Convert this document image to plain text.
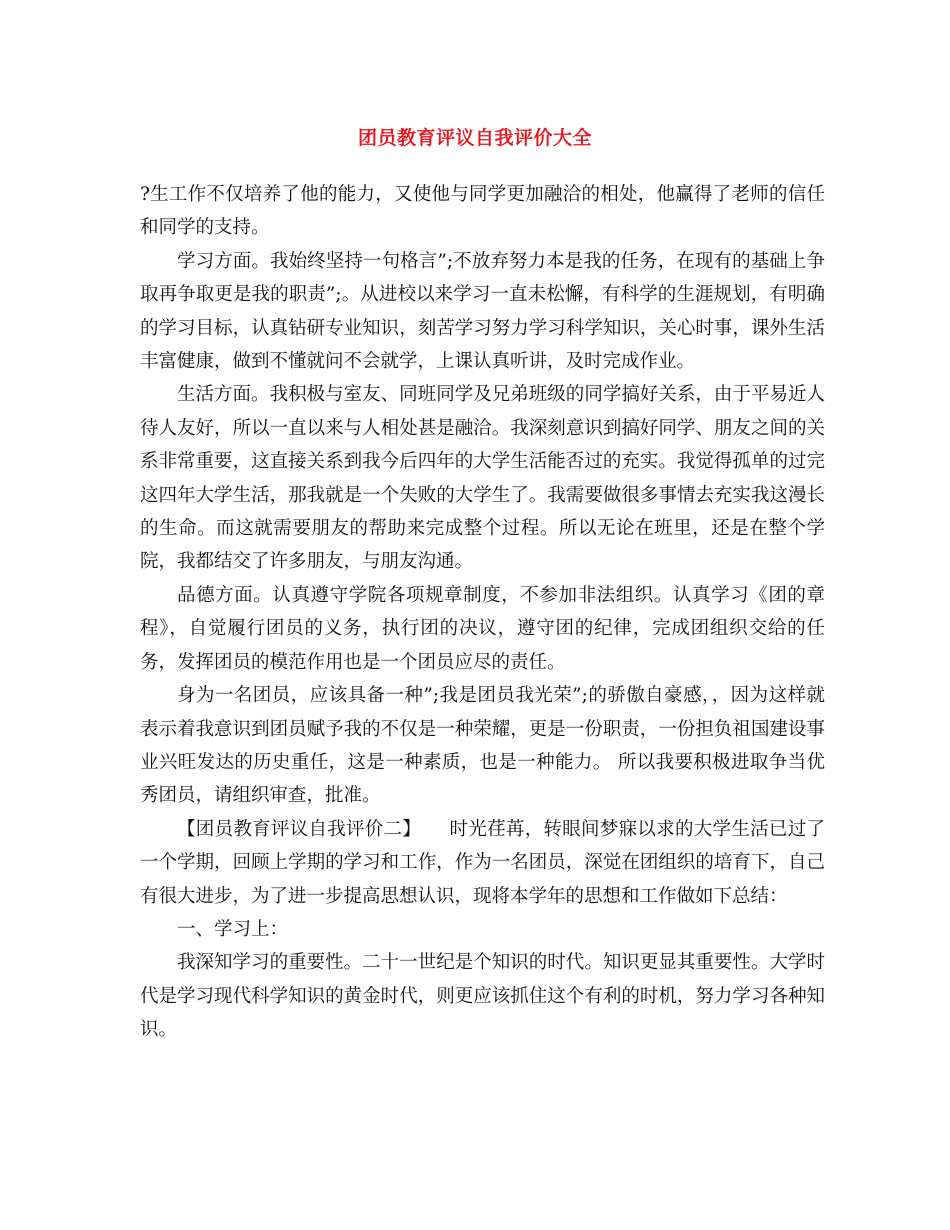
团员教育评议自我评价大全

?生工作不仅培养了他的能力，又使他与同学更加融洽的相处，他赢得了老师的信任和同学的支持。

学习方面。我始终坚持一句格言”;不放弃努力本是我的任务，在现有的基础上争取再争取更是我的职责”;。从进校以来学习一直未松懈，有科学的生涯规划，有明确的学习目标，认真钻研专业知识，刻苦学习努力学习科学知识，关心时事，课外生活丰富健康，做到不懂就问不会就学，上课认真听讲，及时完成作业。

生活方面。我积极与室友、同班同学及兄弟班级的同学搞好关系，由于平易近人待人友好，所以一直以来与人相处甚是融洽。我深刻意识到搞好同学、朋友之间的关系非常重要，这直接关系到我今后四年的大学生活能否过的充实。我觉得孤单的过完这四年大学生活，那我就是一个失败的大学生了。我需要做很多事情去充实我这漫长的生命。而这就需要朋友的帮助来完成整个过程。所以无论在班里，还是在整个学院，我都结交了许多朋友，与朋友沟通。

品德方面。认真遵守学院各项规章制度，不参加非法组织。认真学习《团的章程》，自觉履行团员的义务，执行团的决议，遵守团的纪律，完成团组织交给的任务，发挥团员的模范作用也是一个团员应尽的责任。

身为一名团员，应该具备一种”;我是团员我光荣”;的骄傲自豪感，，因为这样就表示着我意识到团员赋予我的不仅是一种荣耀，更是一份职责，一份担负祖国建设事业兴旺发达的历史重任，这是一种素质，也是一种能力。 所以我要积极进取争当优秀团员，请组织审查，批准。

【团员教育评议自我评价二】　　时光荏苒，转眼间梦寐以求的大学生活已过了一个学期，回顾上学期的学习和工作，作为一名团员，深觉在团组织的培育下，自己有很大进步，为了进一步提高思想认识，现将本学年的思想和工作做如下总结：

一、学习上：

我深知学习的重要性。二十一世纪是个知识的时代。知识更显其重要性。大学时代是学习现代科学知识的黄金时代，则更应该抓住这个有利的时机，努力学习各种知识。
